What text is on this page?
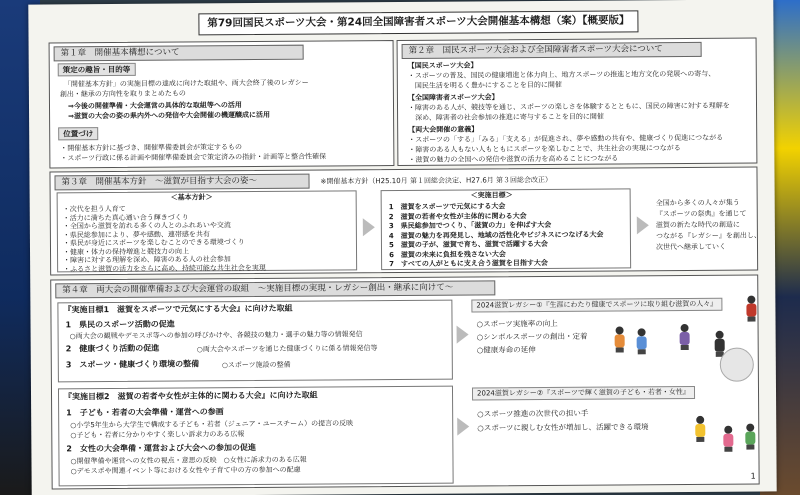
第79回国民スポーツ大会・第24回全国障害者スポーツ大会開催基本構想（案）【概要版】
第１章　開催基本構想について
策定の趣旨・目的等
「開催基本方針」の実施目標の達成に向けた取組や、両大会終了後のレガシー
創出・継承の方向性を取りまとめたもの
⇒今後の開催準備・大会運営の具体的な取組等への活用
⇒滋賀の大会の姿の県内外への発信や大会開催の機運醸成に活用
位置づけ
・開催基本方針に基づき、開催準備委員会が策定するもの
・スポーツ行政に係る計画や開催準備委員会で策定済みの指針・計画等と整合性確保
第２章　国民スポーツ大会および全国障害者スポーツ大会について
【国民スポーツ大会】
・スポーツの普及、国民の健康増進と体力向上、地方スポーツの推進と地方文化の発展への寄与、
　国民生活を明るく豊かにすることを目的に開催
【全国障害者スポーツ大会】
・障害のある人が、競技等を通じ、スポーツの楽しさを体験するとともに、国民の障害に対する理解を
　深め、障害者の社会参加の推進に寄与することを目的に開催
【両大会開催の意義】
・スポーツの「する」「みる」「支える」が促進され、夢や感動の共有や、健康づくり促進につながる
・障害のある人もない人もともにスポーツを楽しむことで、共生社会の実現につながる
・滋賀の魅力の全国への発信や滋賀の活力を高めることにつながる
第３章　開催基本方針　～滋賀が目指す大会の姿～	※開催基本方針（H25.10月 第１回総会決定、H27.6月 第３回総会改正）
＜基本方針＞
・次代を担う人育て
・活力に満ちた真心通い合う輝きづくり
・全国から滋賀を訪れる多くの人とのふれあいや交流
・県民総参加により、夢や感動、連帯感を共有
・県民が身近にスポーツを楽しむことのできる環境づくり
・健康・体力の保持増進と競技力の向上
・障害に対する理解を深め、障害のある人の社会参加
・ふるさと滋賀の活力をさらに高め、持続可能な共生社会を実現
＜実施目標＞
1　滋賀をスポーツで元気にする大会
2　滋賀の若者や女性が主体的に関わる大会
3　県民総参加でつくり、「滋賀の力」を伸ばす大会
4　滋賀の魅力を再発見し、地域の活性化やビジネスにつなげる大会
5　滋賀の子が、滋賀で育ち、滋賀で活躍する大会
6　滋賀の未来に負担を残さない大会
7　すべての人がともに支え合う滋賀を目指す大会
全国から多くの人々が集う
『スポーツの祭典』を通じて
滋賀の新たな時代の創造に
つながる『レガシー』を創出し、
次世代へ継承していく
第４章　両大会の開催準備および大会運営の取組　～実施目標の実現・レガシー創出・継承に向けて～
『実施目標1　滋賀をスポーツで元気にする大会』に向けた取組
1　県民のスポーツ活動の促進
○両大会の観戦やデモスポ等への参加の呼びかけや、各競技の魅力・選手の魅力等の情報発信
2　健康づくり活動の促進	○両大会やスポーツを通じた健康づくりに係る情報発信等
3　スポーツ・健康づくり環境の整備	○スポーツ施設の整備
2024滋賀レガシー①『生涯にわたり健康でスポーツに取り組む滋賀の人々』
○スポーツ実施率の向上
○シンボルスポーツの創出・定着
○健康寿命の延伸
『実施目標2　滋賀の若者や女性が主体的に関わる大会』に向けた取組
1　子ども・若者の大会準備・運営への参画
○小学5年生から大学生で構成する子ども・若者（ジュニア・ユースチーム）の提言の反映
○子ども・若者に分かりやすく楽しい訴求力のある広報
2　女性の大会準備・運営および大会への参加の促進
○開催準備や運営への女性の視点・意思の反映　○女性に訴求力のある広報
○デモスポや関連イベント等における女性や子育て中の方の参加への配慮
2024滋賀レガシー②『スポーツで輝く滋賀の子ども・若者・女性』
○スポーツ推進の次世代の担い手
○スポーツに親しむ女性が増加し、活躍できる環境
1
